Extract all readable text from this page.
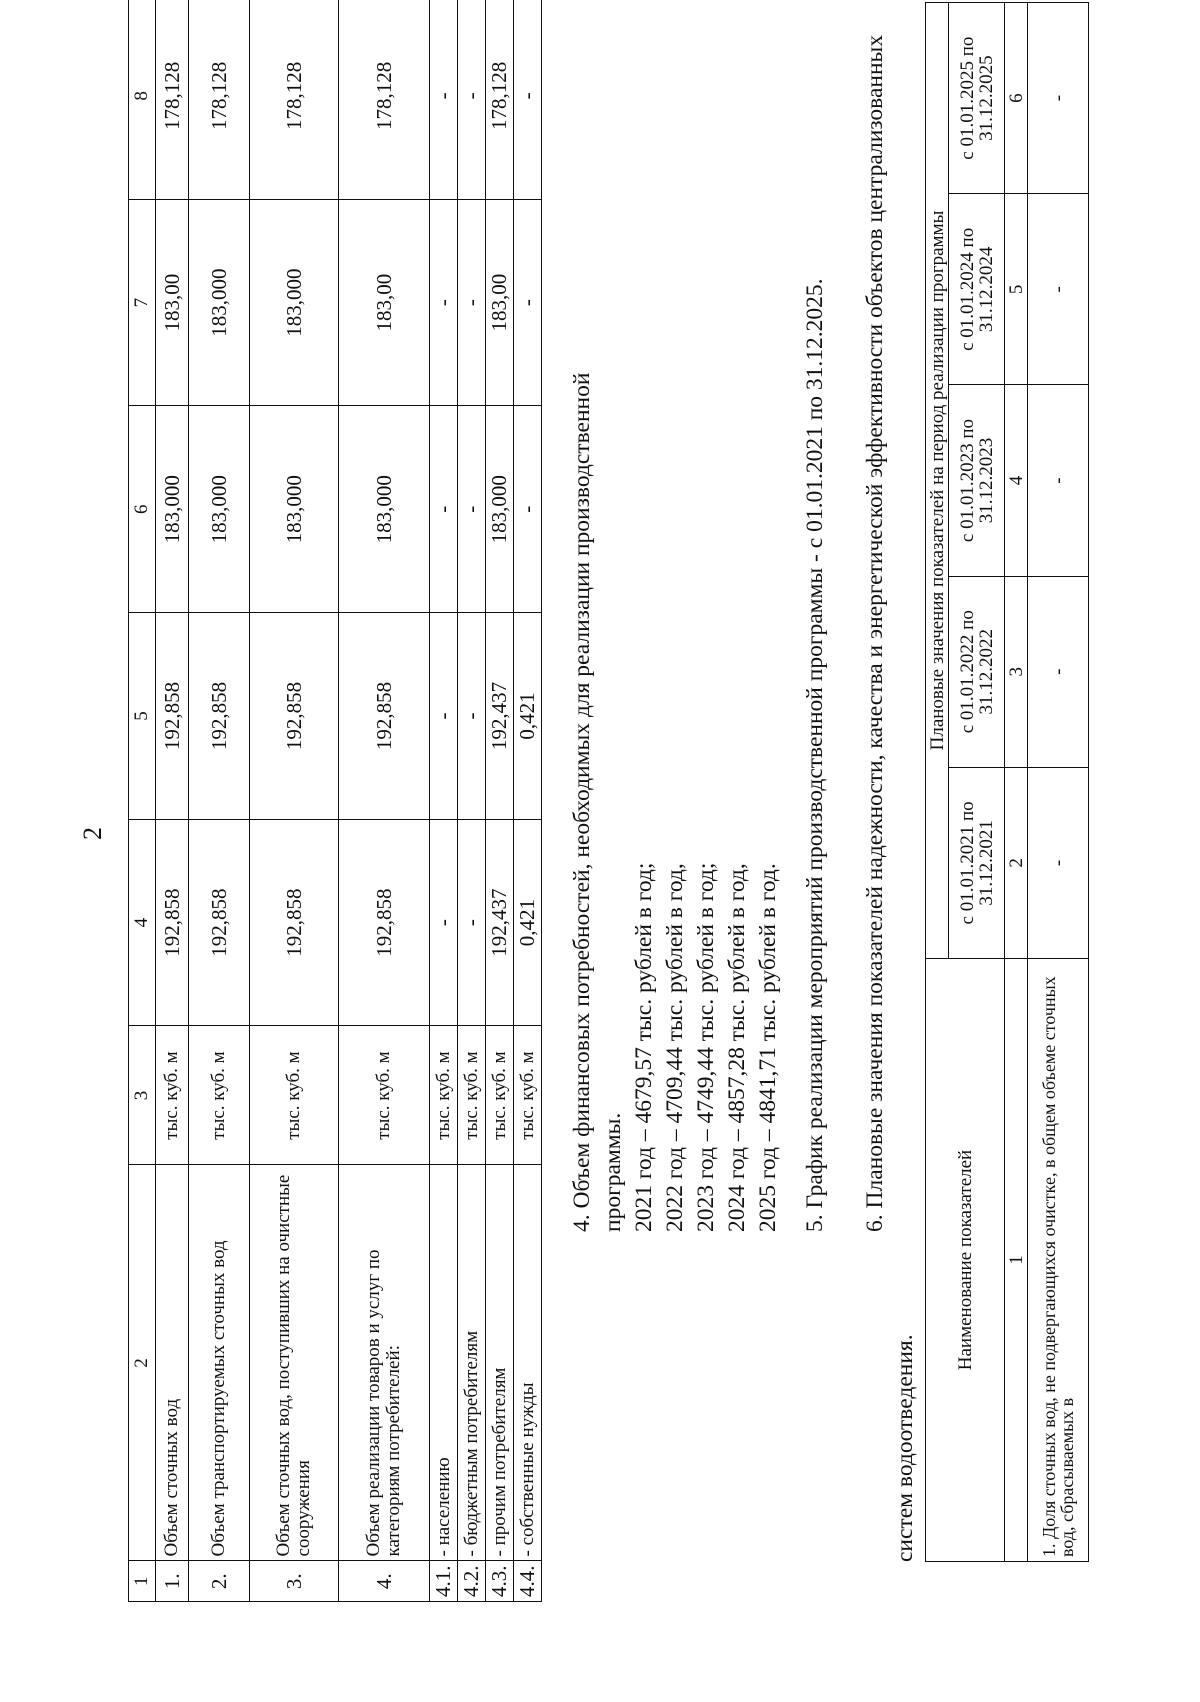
2
1	2	3	4	5	6	7	8
1.	Объем сточных вод	тыс. куб. м	192,858	192,858	183,000	183,00	178,128
2.	Объем транспортируемых сточных вод	тыс. куб. м	192,858	192,858	183,000	183,000	178,128
3.	Объем сточных вод, поступивших на очистные сооружения	тыс. куб. м	192,858	192,858	183,000	183,000	178,128
4.	Объем реализации товаров и услуг по категориям потребителей:	тыс. куб. м	192,858	192,858	183,000	183,00	178,128
4.1.	- населению	тыс. куб. м	-	-	-	-	-
4.2.	- бюджетным потребителям	тыс. куб. м	-	-	-	-	-
4.3.	- прочим потребителям	тыс. куб. м	192,437	192,437	183,000	183,00	178,128
4.4.	- собственные нужды	тыс. куб. м	0,421	0,421	-	-	-
4. Объем финансовых потребностей, необходимых для реализации производственной программы. 2021 год – 4679,57 тыс. рублей в год; 2022 год – 4709,44 тыс. рублей в год, 2023 год – 4749,44 тыс. рублей в год; 2024 год – 4857,28 тыс. рублей в год, 2025 год – 4841,71 тыс. рублей в год. 5. График реализации мероприятий производственной программы - с 01.01.2021 по 31.12.2025. 6. Плановые значения показателей надежности, качества и энергетической эффективности объектов централизованных
систем водоотведения.
Наименование показателей	Плановые значения показателей на период реализации программы				
	с 01.01.2021 по 31.12.2021	с 01.01.2022 по 31.12.2022	с 01.01.2023 по 31.12.2023	с 01.01.2024 по 31.12.2024	с 01.01.2025 по 31.12.2025
1	2	3	4	5	6
1. Доля сточных вод, не подвергающихся очистке, в общем объеме сточных вод, сбрасываемых в	-	-	-	-	-
